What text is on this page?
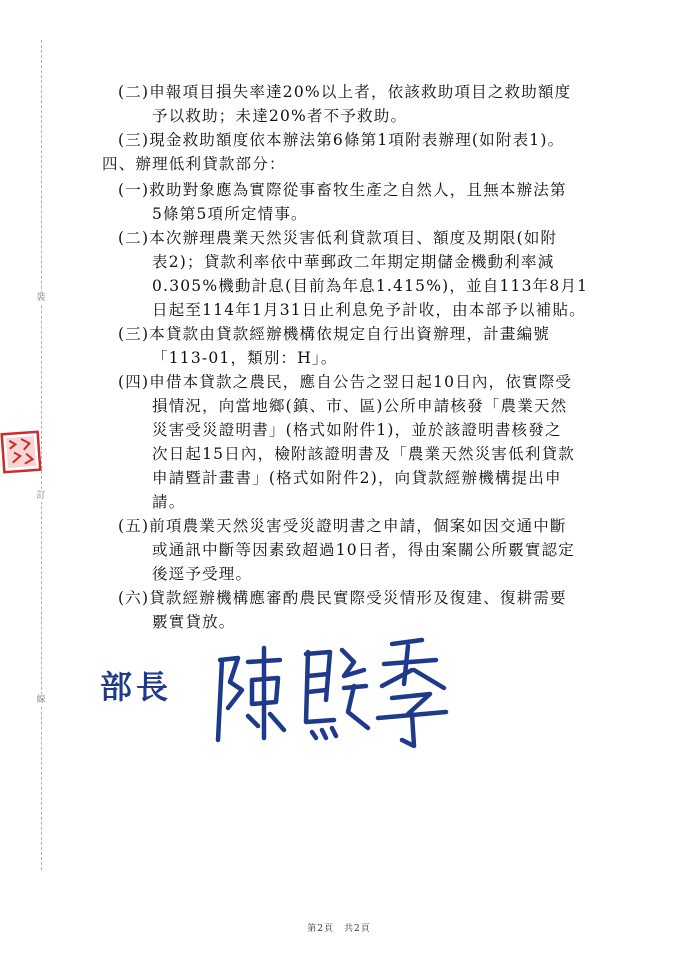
裝
訂
線
(二)申報項目損失率達20%以上者，依該救助項目之救助額度
予以救助；未達20%者不予救助。
(三)現金救助額度依本辦法第6條第1項附表辦理(如附表1)。
四、辦理低利貸款部分：
(一)救助對象應為實際從事畜牧生產之自然人，且無本辦法第
5條第5項所定情事。
(二)本次辦理農業天然災害低利貸款項目、額度及期限(如附
表2)；貸款利率依中華郵政二年期定期儲金機動利率減
0.305%機動計息(目前為年息1.415%)，並自113年8月1
日起至114年1月31日止利息免予計收，由本部予以補貼。
(三)本貸款由貸款經辦機構依規定自行出資辦理，計畫編號
「113-01，類別：H」。
(四)申借本貸款之農民，應自公告之翌日起10日內，依實際受
損情況，向當地鄉(鎮、市、區)公所申請核發「農業天然
災害受災證明書」(格式如附件1)，並於該證明書核發之
次日起15日內，檢附該證明書及「農業天然災害低利貸款
申請暨計畫書」(格式如附件2)，向貸款經辦機構提出申
請。
(五)前項農業天然災害受災證明書之申請，個案如因交通中斷
或通訊中斷等因素致超過10日者，得由案關公所覈實認定
後逕予受理。
(六)貸款經辦機構應審酌農民實際受災情形及復建、復耕需要
覈實貸放。
部長
第2頁　共2頁
